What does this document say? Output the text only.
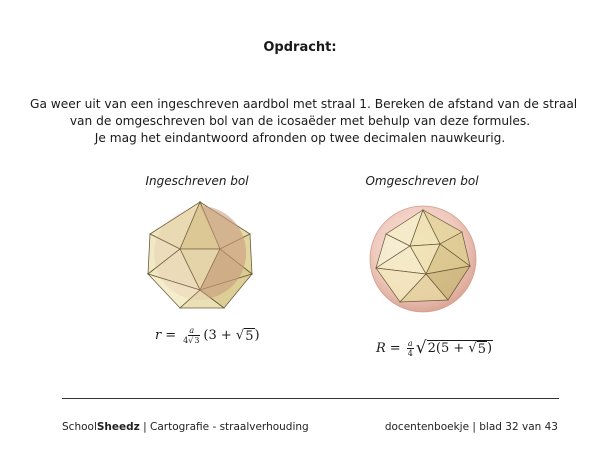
Opdracht:
Ga weer uit van een ingeschreven aardbol met straal 1. Bereken de afstand van de straal
van de omgeschreven bol van de icosaëder met behulp van deze formules.
Je mag het eindantwoord afronden op twee decimalen nauwkeurig.
Ingeschreven bol	Omgeschreven bol
$r = \frac{a}{4√3} (3$ + √ 5 )
$R = \frac{a}{4}$ √ 2(5 + √ 5 )
SchoolSheedz | Cartografie - straalverhouding	docentenboekje | blad 32 van 43
